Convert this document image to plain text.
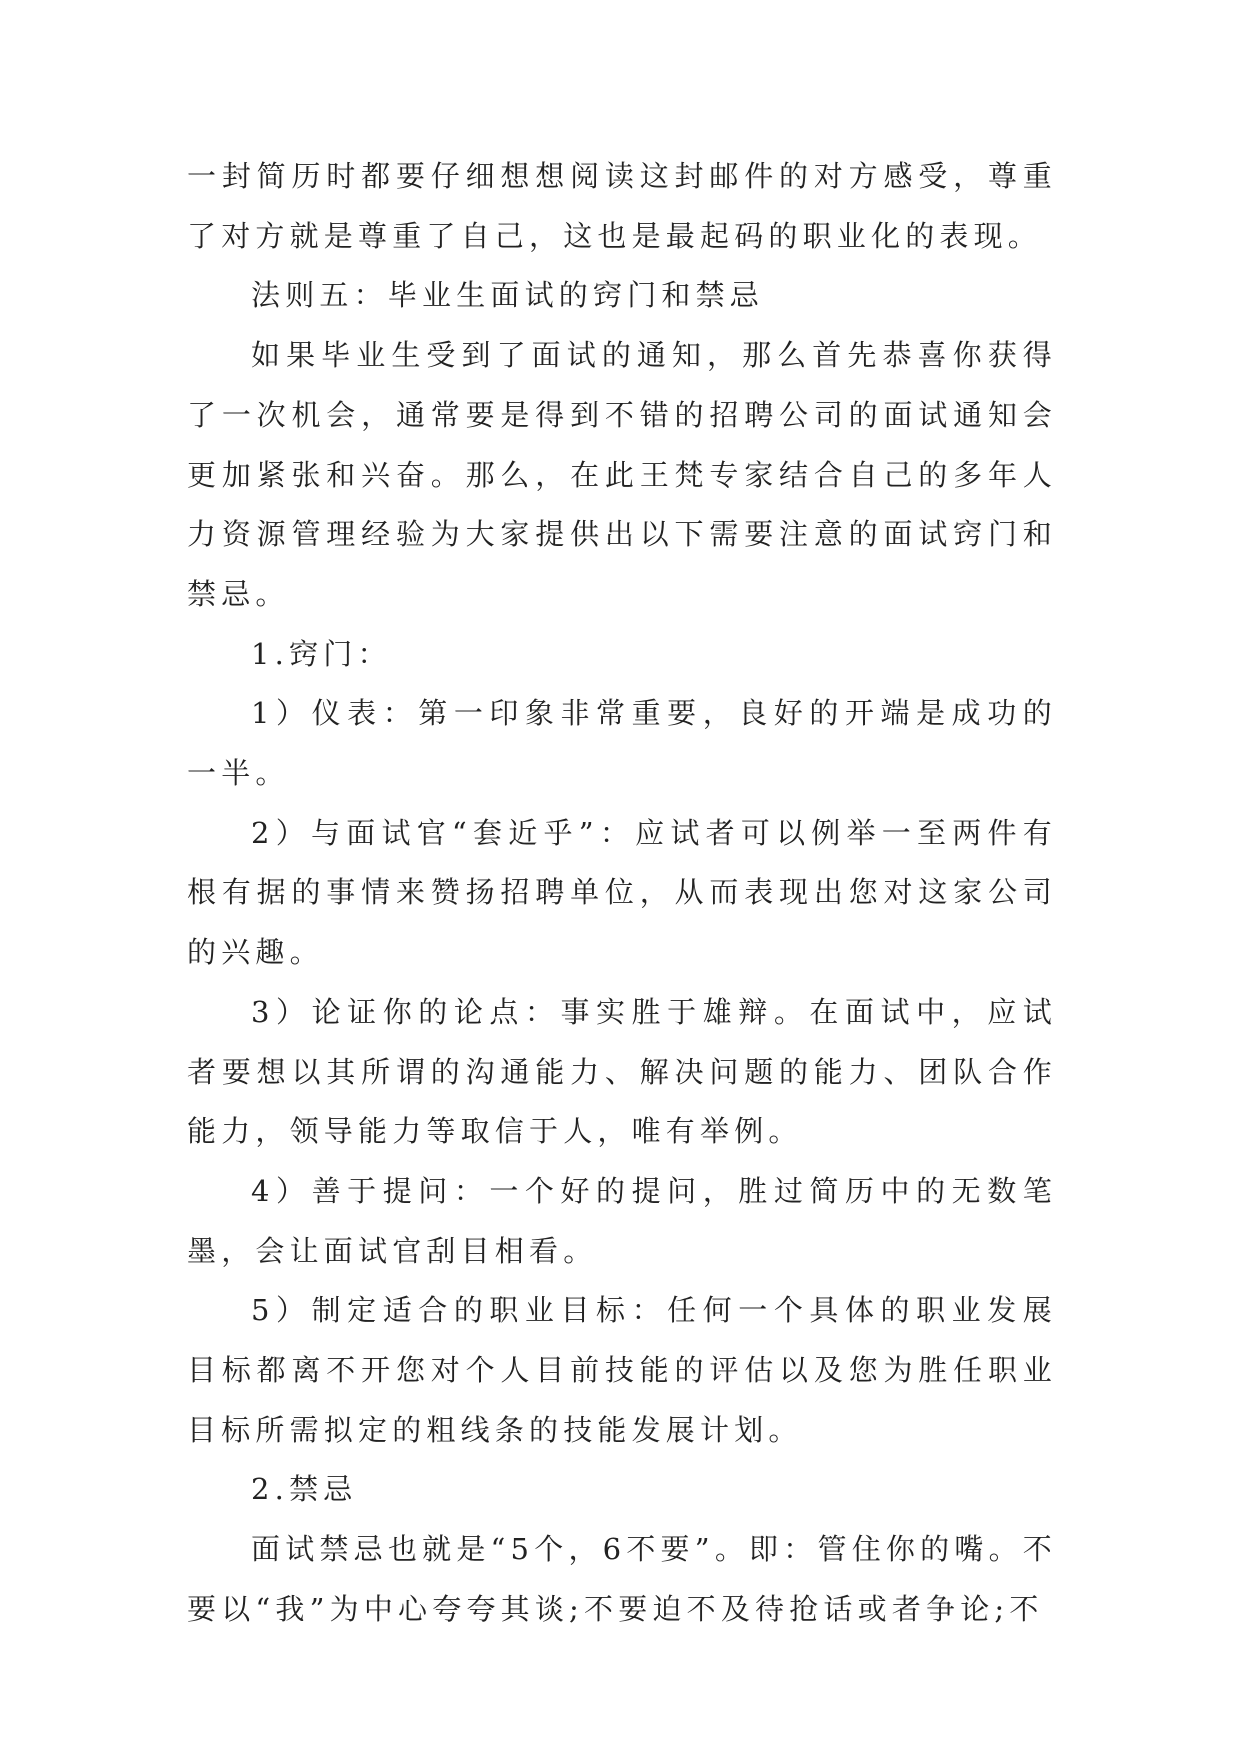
一封简历时都要仔细想想阅读这封邮件的对方感受，尊重了对方就是尊重了自己，这也是最起码的职业化的表现。

法则五：毕业生面试的窍门和禁忌

如果毕业生受到了面试的通知，那么首先恭喜你获得了一次机会，通常要是得到不错的招聘公司的面试通知会更加紧张和兴奋。那么，在此王梵专家结合自己的多年人力资源管理经验为大家提供出以下需要注意的面试窍门和禁忌。

1.窍门：

1）仪表：第一印象非常重要，良好的开端是成功的一半。

2）与面试官“套近乎”：应试者可以例举一至两件有根有据的事情来赞扬招聘单位，从而表现出您对这家公司的兴趣。

3）论证你的论点：事实胜于雄辩。在面试中，应试者要想以其所谓的沟通能力、解决问题的能力、团队合作能力，领导能力等取信于人，唯有举例。

4）善于提问：一个好的提问，胜过简历中的无数笔墨，会让面试官刮目相看。

5）制定适合的职业目标：任何一个具体的职业发展目标都离不开您对个人目前技能的评估以及您为胜任职业目标所需拟定的粗线条的技能发展计划。

2.禁忌

面试禁忌也就是“5个，6不要”。即：管住你的嘴。不要以“我”为中心夸夸其谈;不要迫不及待抢话或者争论;不
